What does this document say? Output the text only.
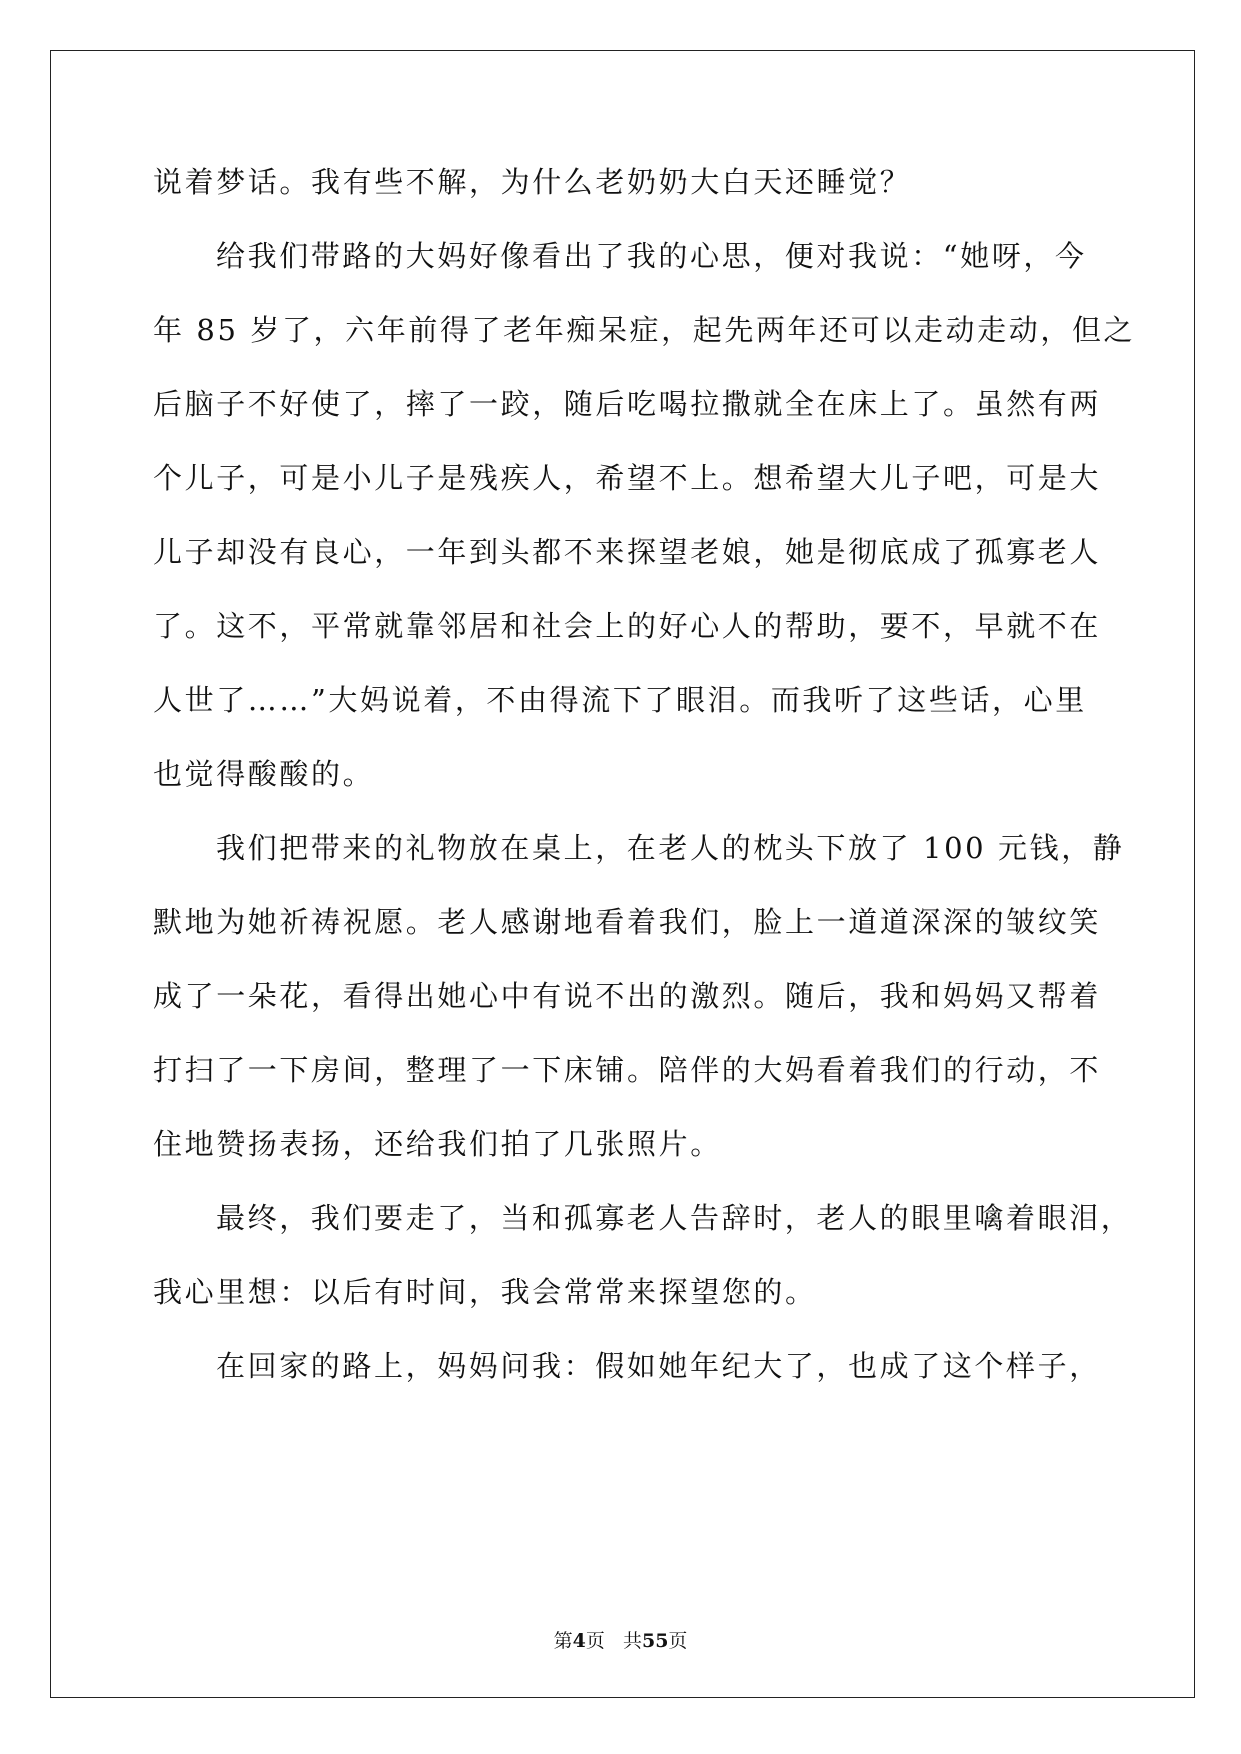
说着梦话。我有些不解，为什么老奶奶大白天还睡觉？
给我们带路的大妈好像看出了我的心思，便对我说：“她呀，今
年 85 岁了，六年前得了老年痴呆症，起先两年还可以走动走动，但之
后脑子不好使了，摔了一跤，随后吃喝拉撒就全在床上了。虽然有两
个儿子，可是小儿子是残疾人，希望不上。想希望大儿子吧，可是大
儿子却没有良心，一年到头都不来探望老娘，她是彻底成了孤寡老人
了。这不，平常就靠邻居和社会上的好心人的帮助，要不，早就不在
人世了……”大妈说着，不由得流下了眼泪。而我听了这些话，心里
也觉得酸酸的。
我们把带来的礼物放在桌上，在老人的枕头下放了 100 元钱，静
默地为她祈祷祝愿。老人感谢地看着我们，脸上一道道深深的皱纹笑
成了一朵花，看得出她心中有说不出的激烈。随后，我和妈妈又帮着
打扫了一下房间，整理了一下床铺。陪伴的大妈看着我们的行动，不
住地赞扬表扬，还给我们拍了几张照片。
最终，我们要走了，当和孤寡老人告辞时，老人的眼里噙着眼泪，
我心里想：以后有时间，我会常常来探望您的。
在回家的路上，妈妈问我：假如她年纪大了，也成了这个样子，
第4页 共55页
